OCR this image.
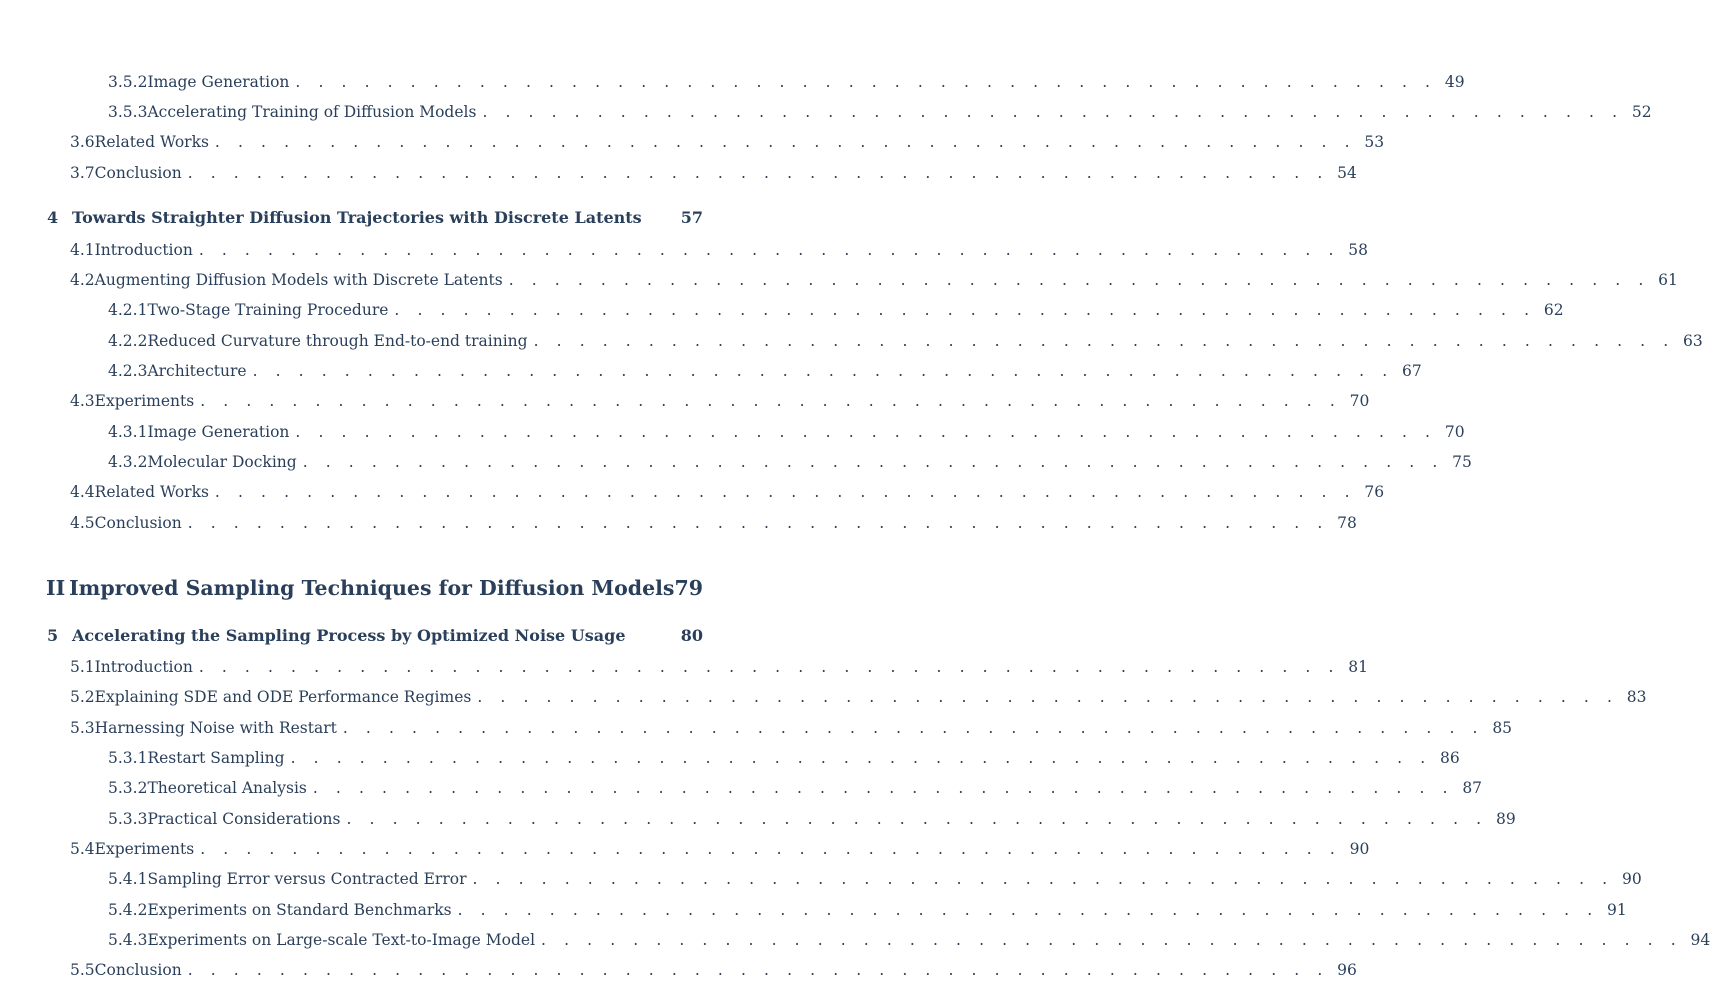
3.5.2 Image Generation . . . . . . . . . . . . . . . . . . . . . . . . . . . . . . . . . . . . . . . . . . . . . . . . . . 49
3.5.3 Accelerating Training of Diffusion Models . . . . . . . . . . . . . . . . . . . . . . . . . . . . . . . . . . . . . . . . . . . . . . . . . . 52
3.6 Related Works . . . . . . . . . . . . . . . . . . . . . . . . . . . . . . . . . . . . . . . . . . . . . . . . . . 53
3.7 Conclusion . . . . . . . . . . . . . . . . . . . . . . . . . . . . . . . . . . . . . . . . . . . . . . . . . . 54
4 Towards Straighter Diffusion Trajectories with Discrete Latents	57
4.1 Introduction . . . . . . . . . . . . . . . . . . . . . . . . . . . . . . . . . . . . . . . . . . . . . . . . . . 58
4.2 Augmenting Diffusion Models with Discrete Latents . . . . . . . . . . . . . . . . . . . . . . . . . . . . . . . . . . . . . . . . . . . . . . . . . . 61
4.2.1 Two-Stage Training Procedure . . . . . . . . . . . . . . . . . . . . . . . . . . . . . . . . . . . . . . . . . . . . . . . . . . 62
4.2.2 Reduced Curvature through End-to-end training . . . . . . . . . . . . . . . . . . . . . . . . . . . . . . . . . . . . . . . . . . . . . . . . . . 63
4.2.3 Architecture . . . . . . . . . . . . . . . . . . . . . . . . . . . . . . . . . . . . . . . . . . . . . . . . . . 67
4.3 Experiments . . . . . . . . . . . . . . . . . . . . . . . . . . . . . . . . . . . . . . . . . . . . . . . . . . 70
4.3.1 Image Generation . . . . . . . . . . . . . . . . . . . . . . . . . . . . . . . . . . . . . . . . . . . . . . . . . . 70
4.3.2 Molecular Docking . . . . . . . . . . . . . . . . . . . . . . . . . . . . . . . . . . . . . . . . . . . . . . . . . . 75
4.4 Related Works . . . . . . . . . . . . . . . . . . . . . . . . . . . . . . . . . . . . . . . . . . . . . . . . . . 76
4.5 Conclusion . . . . . . . . . . . . . . . . . . . . . . . . . . . . . . . . . . . . . . . . . . . . . . . . . . 78
II Improved Sampling Techniques for Diffusion Models 79
5 Accelerating the Sampling Process by Optimized Noise Usage	80
5.1 Introduction . . . . . . . . . . . . . . . . . . . . . . . . . . . . . . . . . . . . . . . . . . . . . . . . . . 81
5.2 Explaining SDE and ODE Performance Regimes . . . . . . . . . . . . . . . . . . . . . . . . . . . . . . . . . . . . . . . . . . . . . . . . . . 83
5.3 Harnessing Noise with Restart . . . . . . . . . . . . . . . . . . . . . . . . . . . . . . . . . . . . . . . . . . . . . . . . . . 85
5.3.1 Restart Sampling . . . . . . . . . . . . . . . . . . . . . . . . . . . . . . . . . . . . . . . . . . . . . . . . . . 86
5.3.2 Theoretical Analysis . . . . . . . . . . . . . . . . . . . . . . . . . . . . . . . . . . . . . . . . . . . . . . . . . . 87
5.3.3 Practical Considerations . . . . . . . . . . . . . . . . . . . . . . . . . . . . . . . . . . . . . . . . . . . . . . . . . . 89
5.4 Experiments . . . . . . . . . . . . . . . . . . . . . . . . . . . . . . . . . . . . . . . . . . . . . . . . . . 90
5.4.1 Sampling Error versus Contracted Error . . . . . . . . . . . . . . . . . . . . . . . . . . . . . . . . . . . . . . . . . . . . . . . . . . 90
5.4.2 Experiments on Standard Benchmarks . . . . . . . . . . . . . . . . . . . . . . . . . . . . . . . . . . . . . . . . . . . . . . . . . . 91
5.4.3 Experiments on Large-scale Text-to-Image Model . . . . . . . . . . . . . . . . . . . . . . . . . . . . . . . . . . . . . . . . . . . . . . . . . . 94
5.5 Conclusion . . . . . . . . . . . . . . . . . . . . . . . . . . . . . . . . . . . . . . . . . . . . . . . . . . 96
